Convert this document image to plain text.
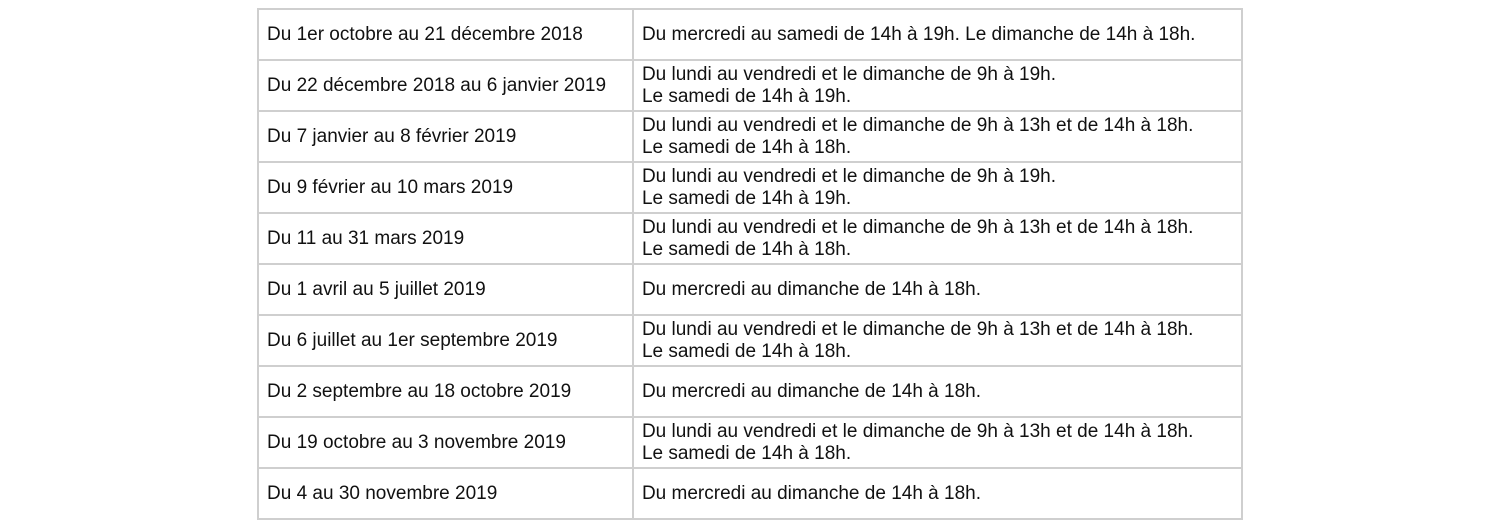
Du 1er octobre au 21 décembre 2018	Du mercredi au samedi de 14h à 19h. Le dimanche de 14h à 18h.

Du 22 décembre 2018 au 6 janvier 2019	Du lundi au vendredi et le dimanche de 9h à 19h.
Le samedi de 14h à 19h.

Du 7 janvier au 8 février 2019	Du lundi au vendredi et le dimanche de 9h à 13h et de 14h à 18h.
Le samedi de 14h à 18h.

Du 9 février au 10 mars 2019	Du lundi au vendredi et le dimanche de 9h à 19h.
Le samedi de 14h à 19h.

Du 11 au 31 mars 2019	Du lundi au vendredi et le dimanche de 9h à 13h et de 14h à 18h.
Le samedi de 14h à 18h.

Du 1 avril au 5 juillet 2019	Du mercredi au dimanche de 14h à 18h.

Du 6 juillet au 1er septembre 2019	Du lundi au vendredi et le dimanche de 9h à 13h et de 14h à 18h.
Le samedi de 14h à 18h.

Du 2 septembre au 18 octobre 2019	Du mercredi au dimanche de 14h à 18h.

Du 19 octobre au 3 novembre 2019	Du lundi au vendredi et le dimanche de 9h à 13h et de 14h à 18h.
Le samedi de 14h à 18h.

Du 4 au 30 novembre 2019	Du mercredi au dimanche de 14h à 18h.
